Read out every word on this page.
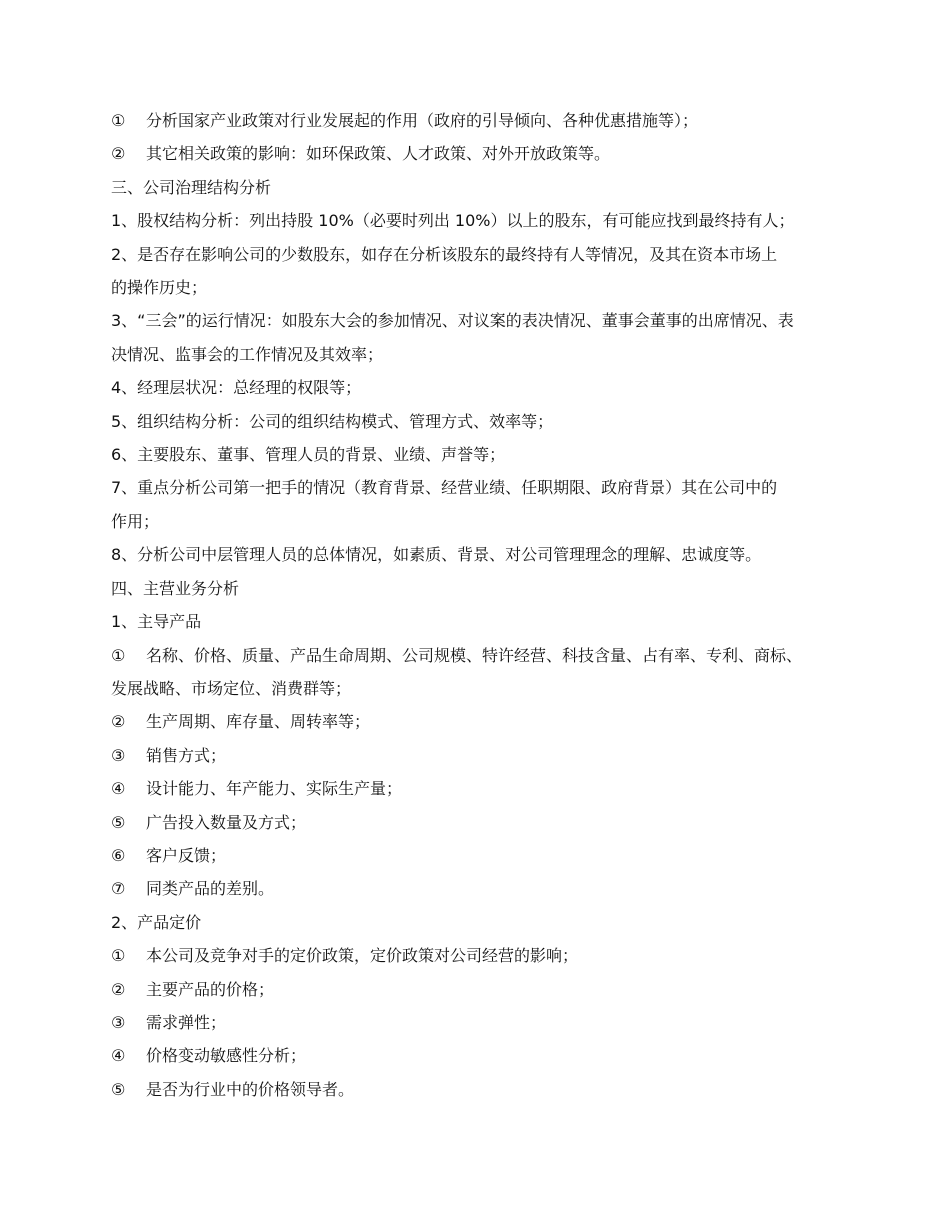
① 分析国家产业政策对行业发展起的作用（政府的引导倾向、各种优惠措施等）；

② 其它相关政策的影响：如环保政策、人才政策、对外开放政策等。

三、公司治理结构分析

1、股权结构分析：列出持股 10%（必要时列出 10%）以上的股东，有可能应找到最终持有人；

2、是否存在影响公司的少数股东，如存在分析该股东的最终持有人等情况，及其在资本市场上

的操作历史；

3、“三会”的运行情况：如股东大会的参加情况、对议案的表决情况、董事会董事的出席情况、表

决情况、监事会的工作情况及其效率；

4、经理层状况：总经理的权限等；

5、组织结构分析：公司的组织结构模式、管理方式、效率等；

6、主要股东、董事、管理人员的背景、业绩、声誉等；

7、重点分析公司第一把手的情况（教育背景、经营业绩、任职期限、政府背景）其在公司中的

作用；

8、分析公司中层管理人员的总体情况，如素质、背景、对公司管理理念的理解、忠诚度等。

四、主营业务分析

1、主导产品

① 名称、价格、质量、产品生命周期、公司规模、特许经营、科技含量、占有率、专利、商标、

发展战略、市场定位、消费群等；

② 生产周期、库存量、周转率等；

③ 销售方式；

④ 设计能力、年产能力、实际生产量；

⑤ 广告投入数量及方式；

⑥ 客户反馈；

⑦ 同类产品的差别。

2、产品定价

① 本公司及竞争对手的定价政策，定价政策对公司经营的影响；

② 主要产品的价格；

③ 需求弹性；

④ 价格变动敏感性分析；

⑤ 是否为行业中的价格领导者。
